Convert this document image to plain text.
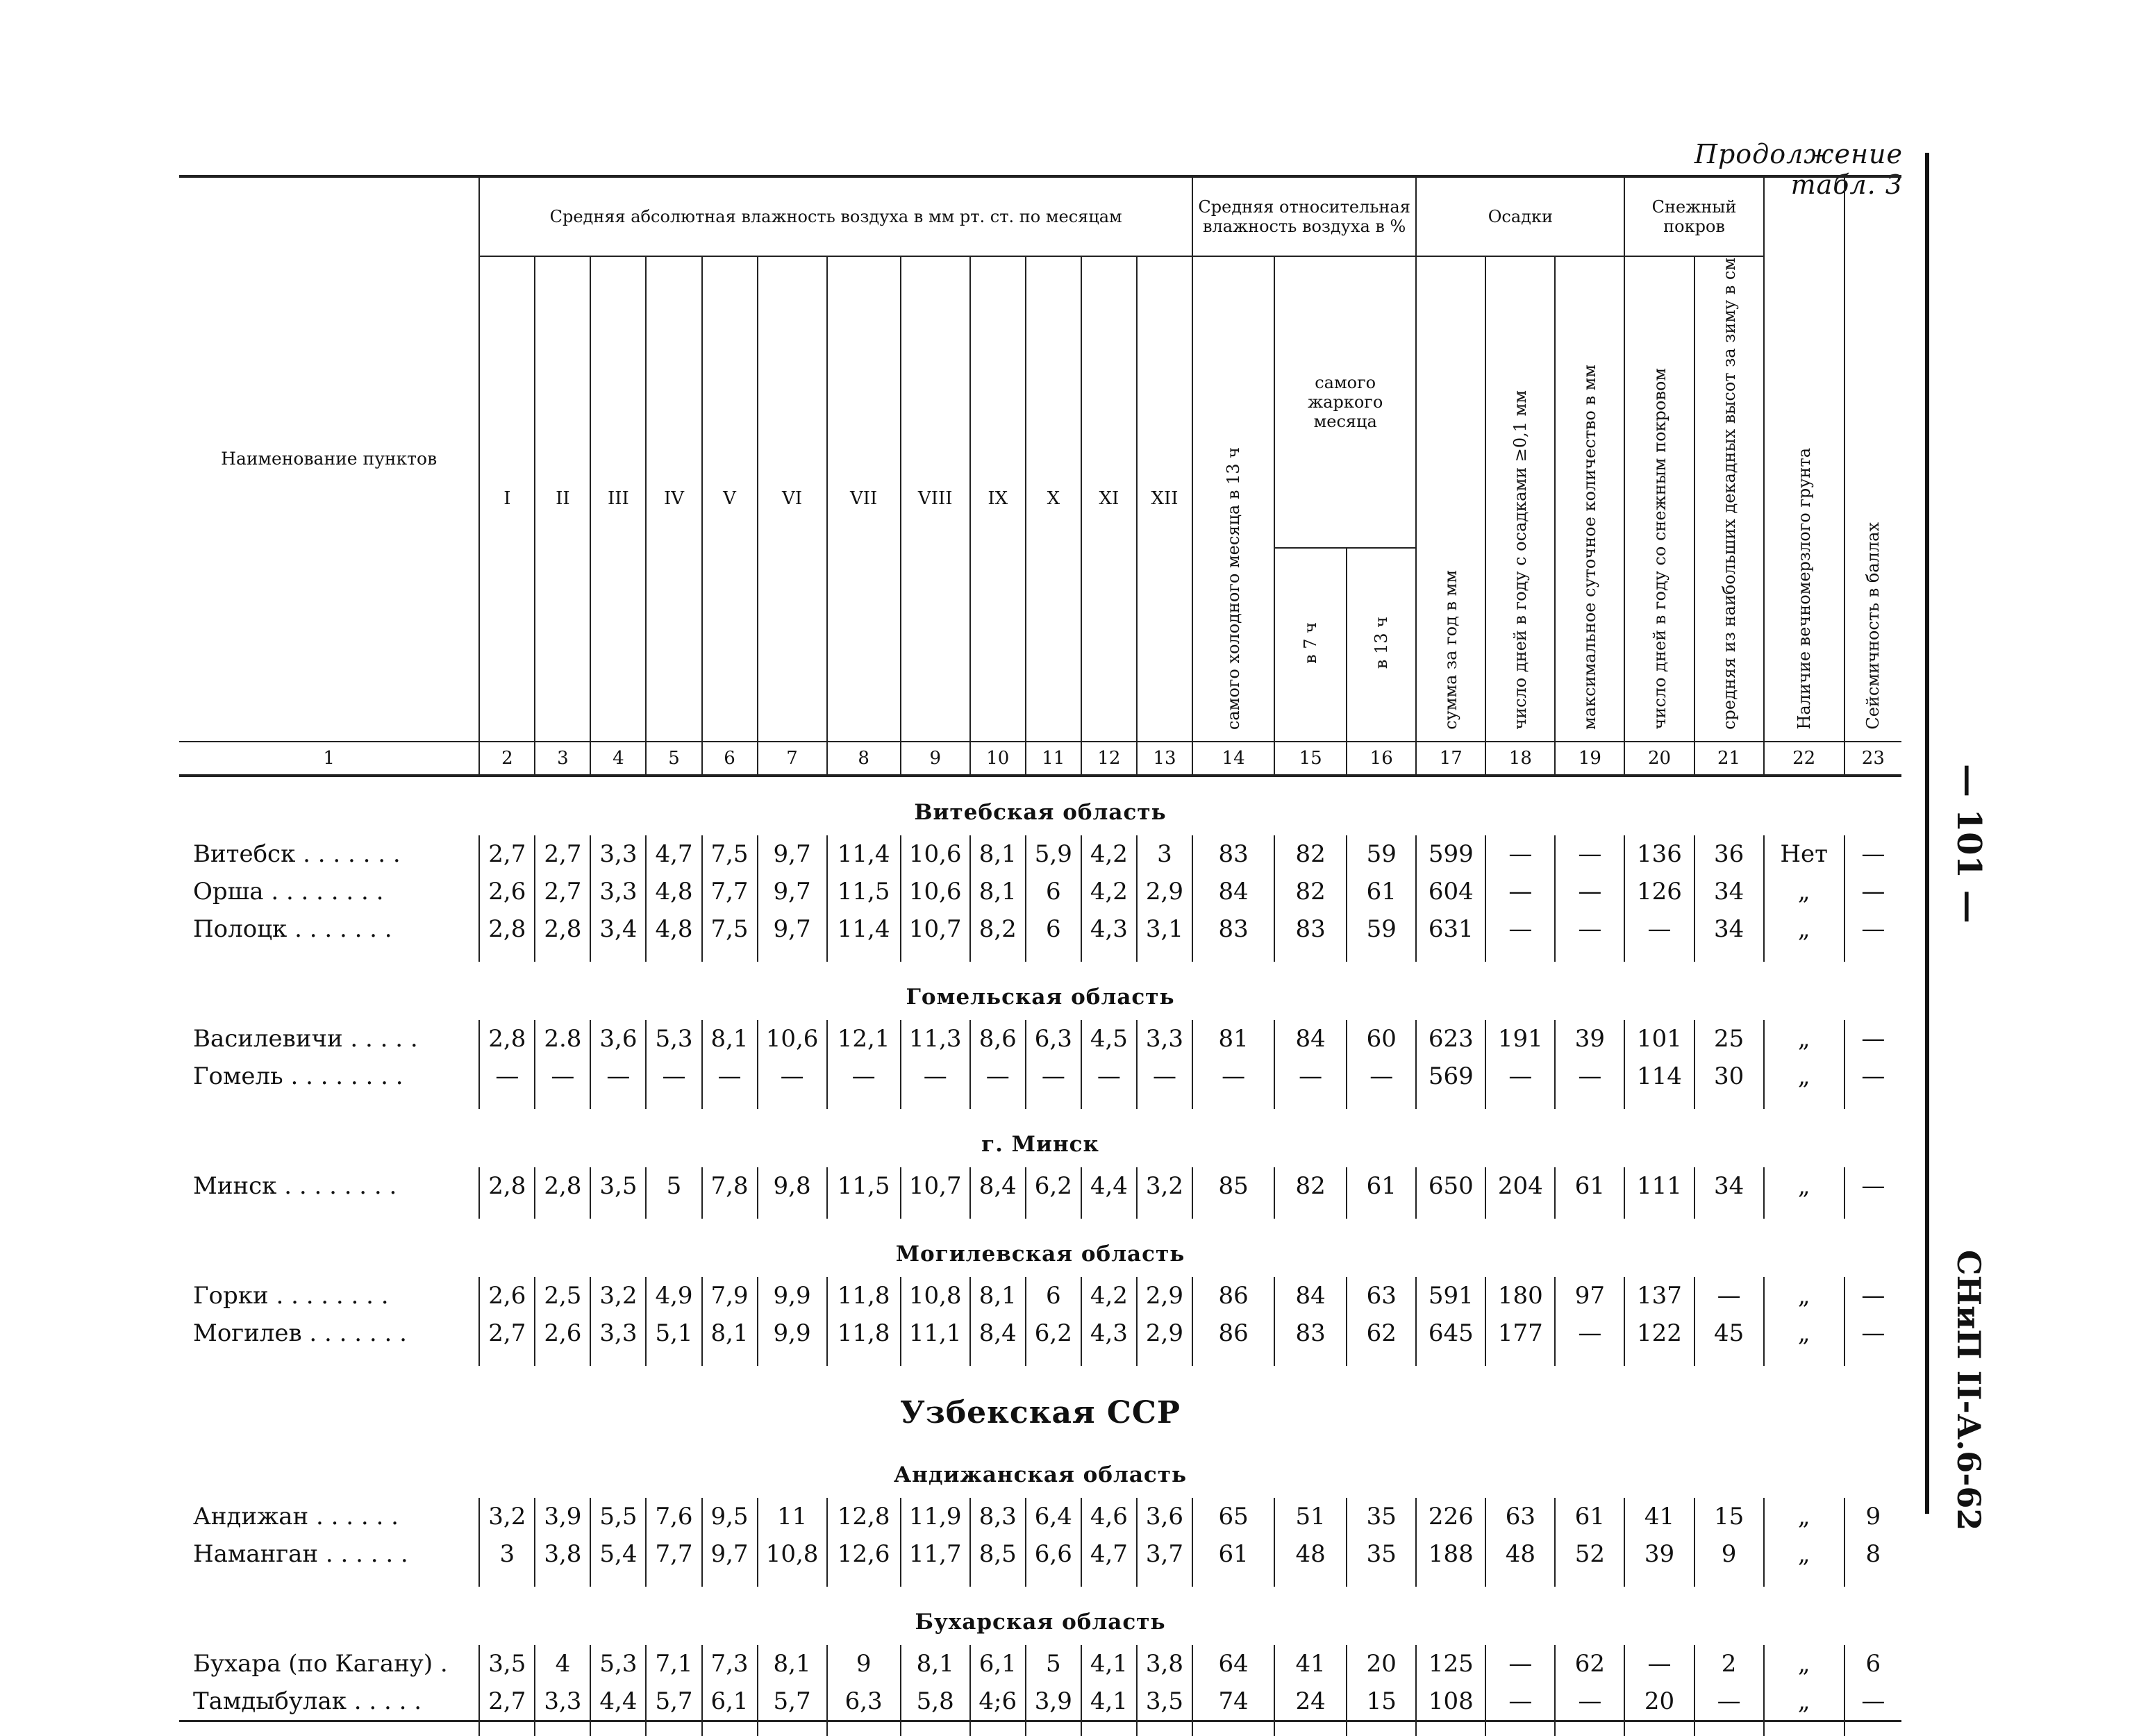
Продолжение табл. 3
Наименование пунктов	Средняя абсолютная влажность воздуха в мм рт. ст. по месяцам												Средняя относительная влажность воздуха в %			Осадки			Снежный покров		Наличие вечномерзлого грунта	Сейсмичность в баллах
	I	II	III	IV	V	VI	VII	VIII	IX	X	XI	XII	самого холодного месяца в 13 ч	самого жаркого месяца		сумма за год в мм	число дней в году с осадками ≥0,1 мм	максимальное суточное количество в мм	число дней в году со снежным покровом	средняя из наибольших декадных высот за зиму в см		
														в 7 ч	в 13 ч							
1	2	3	4	5	6	7	8	9	10	11	12	13	14	15	16	17	18	19	20	21	22	23
Витебская область																						
Витебск . . . . . . .	2,7	2,7	3,3	4,7	7,5	9,7	11,4	10,6	8,1	5,9	4,2	3	83	82	59	599	—	—	136	36	Нет	—
Орша . . . . . . . .	2,6	2,7	3,3	4,8	7,7	9,7	11,5	10,6	8,1	6	4,2	2,9	84	82	61	604	—	—	126	34	„	—
Полоцк . . . . . . .	2,8	2,8	3,4	4,8	7,5	9,7	11,4	10,7	8,2	6	4,3	3,1	83	83	59	631	—	—	—	34	„	—

Гомельская область																						
Василевичи . . . . .	2,8	2.8	3,6	5,3	8,1	10,6	12,1	11,3	8,6	6,3	4,5	3,3	81	84	60	623	191	39	101	25	„	—
Гомель . . . . . . . .	—	—	—	—	—	—	—	—	—	—	—	—	—	—	—	569	—	—	114	30	„	—

г. Минск																						
Минск . . . . . . . .	2,8	2,8	3,5	5	7,8	9,8	11,5	10,7	8,4	6,2	4,4	3,2	85	82	61	650	204	61	111	34	„	—

Могилевская область																						
Горки . . . . . . . .	2,6	2,5	3,2	4,9	7,9	9,9	11,8	10,8	8,1	6	4,2	2,9	86	84	63	591	180	97	137	—	„	—
Могилев . . . . . . .	2,7	2,6	3,3	5,1	8,1	9,9	11,8	11,1	8,4	6,2	4,3	2,9	86	83	62	645	177	—	122	45	„	—

Узбекская ССР																						
Андижанская область																						
Андижан . . . . . .	3,2	3,9	5,5	7,6	9,5	11	12,8	11,9	8,3	6,4	4,6	3,6	65	51	35	226	63	61	41	15	„	9
Наманган . . . . . .	3	3,8	5,4	7,7	9,7	10,8	12,6	11,7	8,5	6,6	4,7	3,7	61	48	35	188	48	52	39	9	„	8

Бухарская область																						
Бухара (по Кагану) .	3,5	4	5,3	7,1	7,3	8,1	9	8,1	6,1	5	4,1	3,8	64	41	20	125	—	62	—	2	„	6
Тамдыбулак . . . . .	2,7	3,3	4,4	5,7	6,1	5,7	6,3	5,8	4;6	3,9	4,1	3,5	74	24	15	108	—	—	20	—	„	—

— 101 —
СНиП II-А.6-62
